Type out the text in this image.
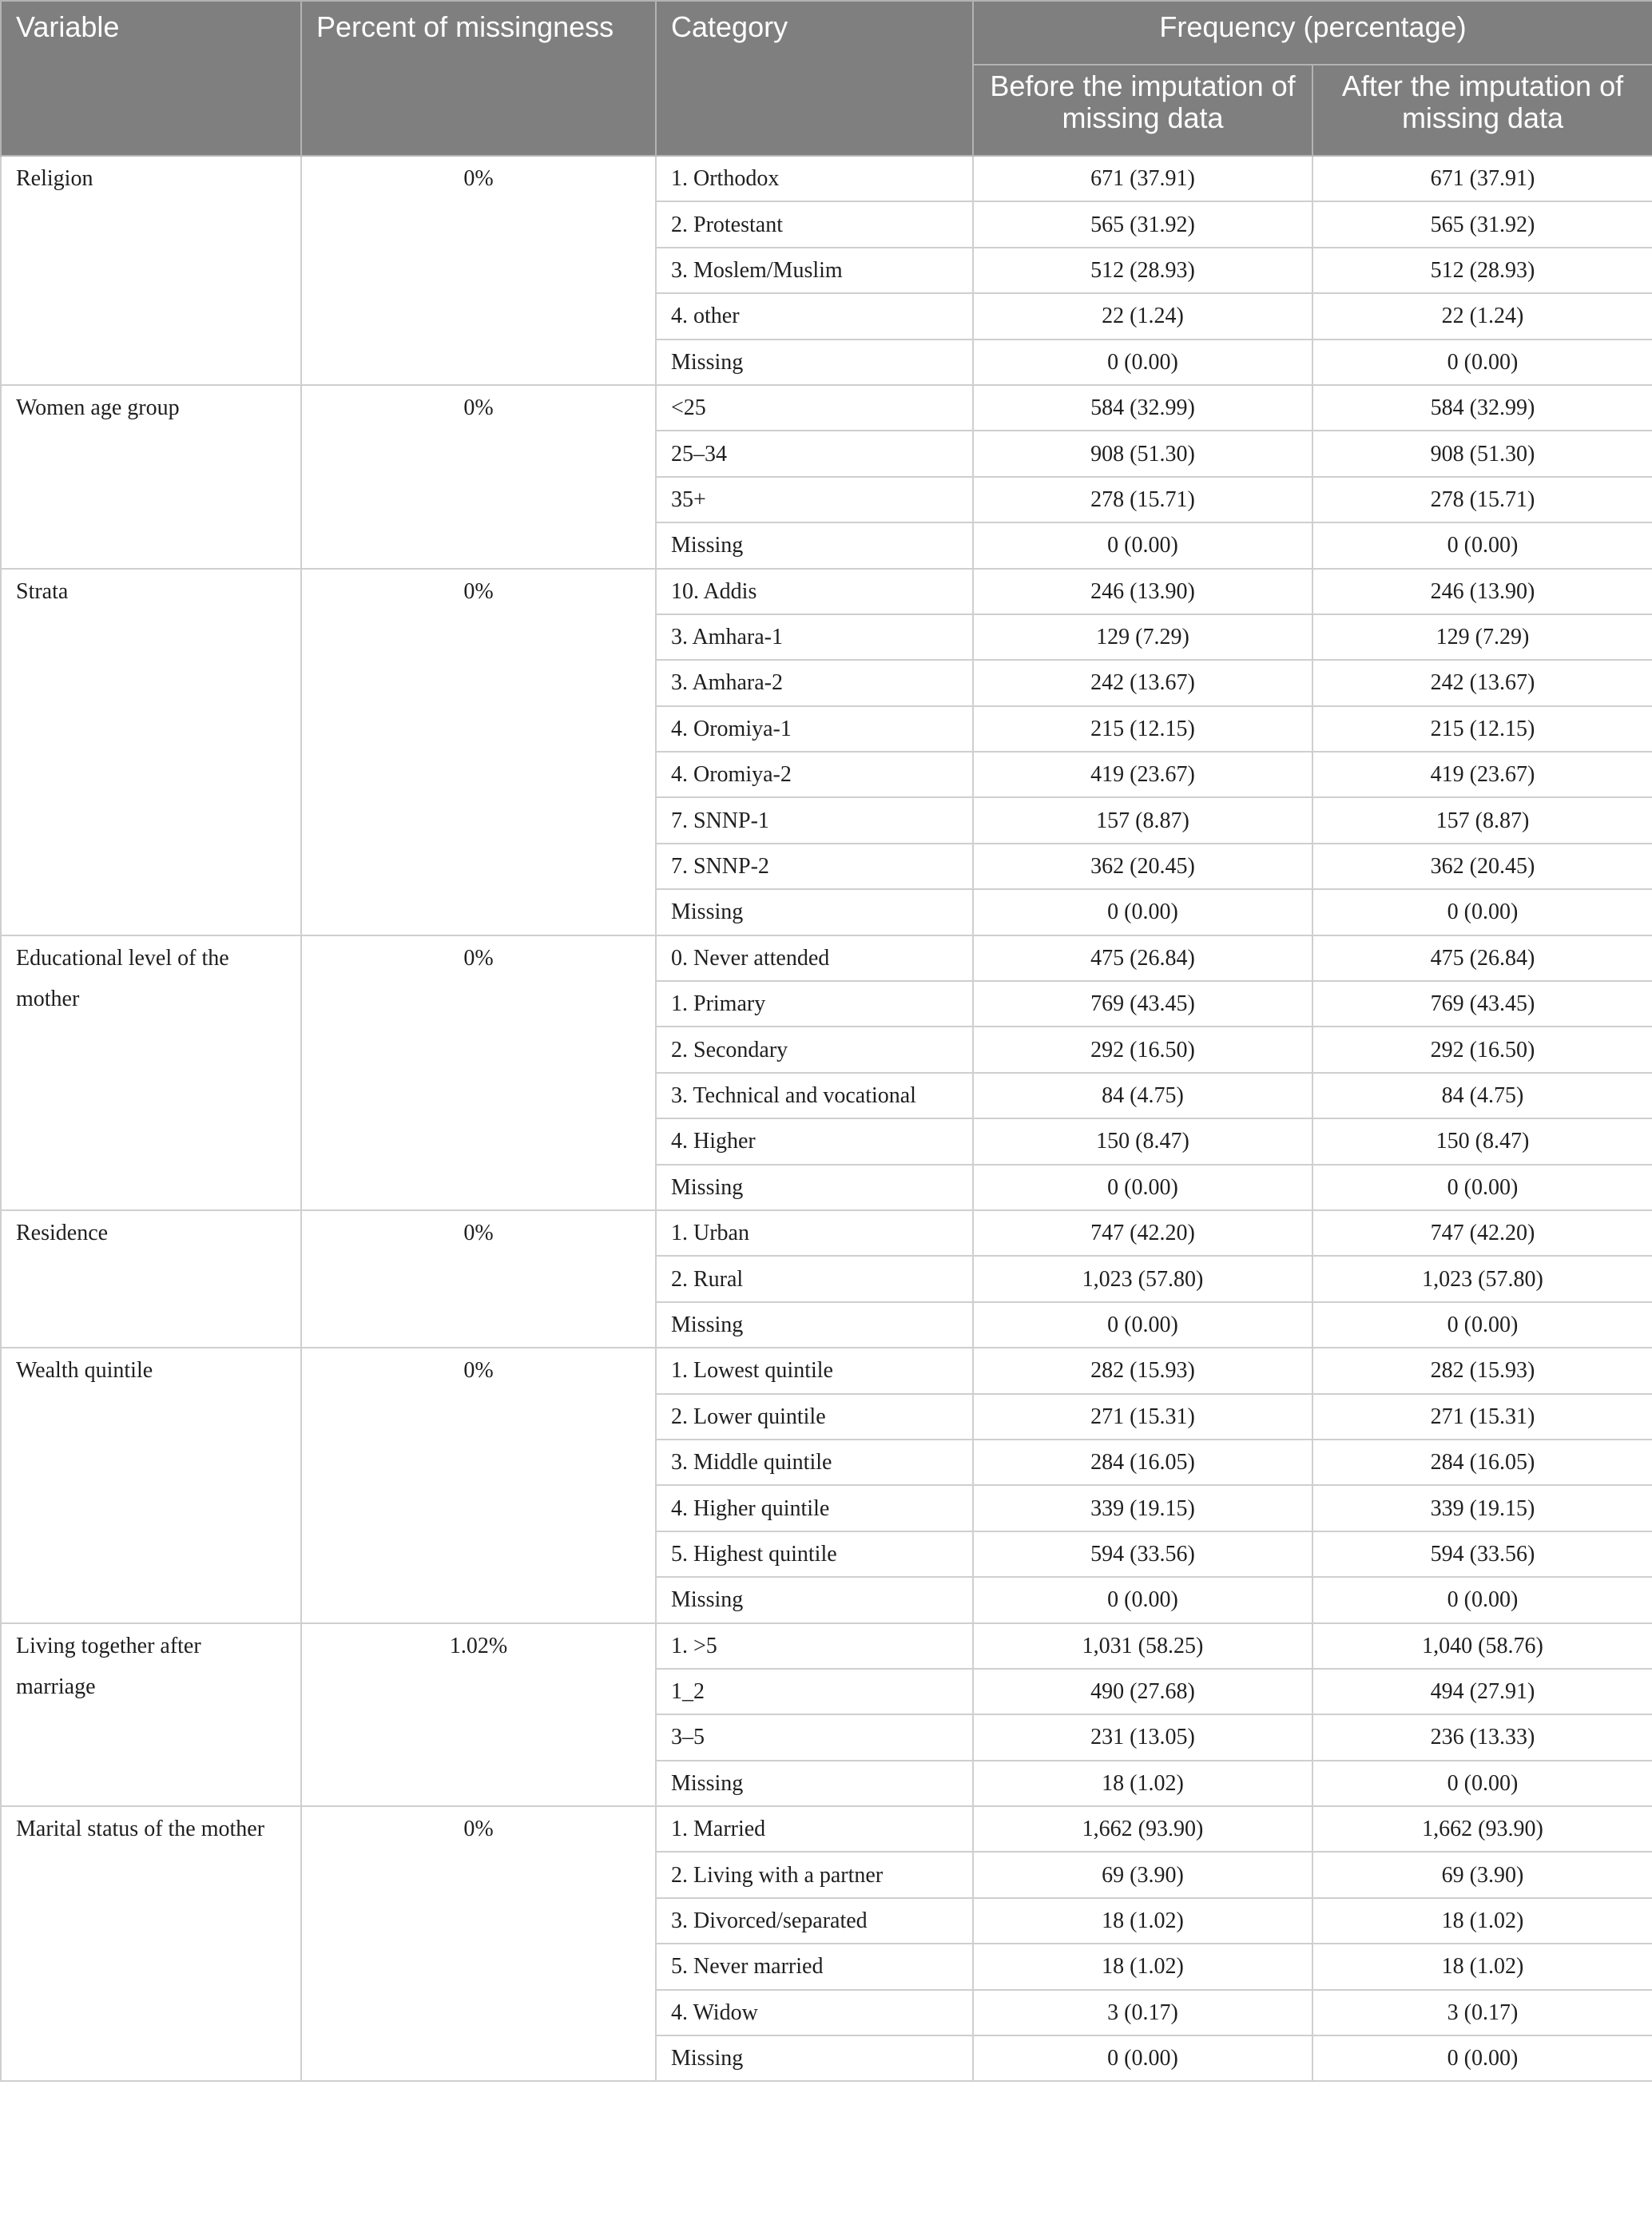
Variable	Percent of missingness	Category	Frequency (percentage)	
			Before the imputation of missing data	After the imputation of missing data
Religion	0%	1. Orthodox	671 (37.91)	671 (37.91)
		2. Protestant	565 (31.92)	565 (31.92)
		3. Moslem/Muslim	512 (28.93)	512 (28.93)
		4. other	22 (1.24)	22 (1.24)
		Missing	0 (0.00)	0 (0.00)
Women age group	0%	<25	584 (32.99)	584 (32.99)
		25–34	908 (51.30)	908 (51.30)
		35+	278 (15.71)	278 (15.71)
		Missing	0 (0.00)	0 (0.00)
Strata	0%	10. Addis	246 (13.90)	246 (13.90)
		3. Amhara-1	129 (7.29)	129 (7.29)
		3. Amhara-2	242 (13.67)	242 (13.67)
		4. Oromiya-1	215 (12.15)	215 (12.15)
		4. Oromiya-2	419 (23.67)	419 (23.67)
		7. SNNP-1	157 (8.87)	157 (8.87)
		7. SNNP-2	362 (20.45)	362 (20.45)
		Missing	0 (0.00)	0 (0.00)
Educational level of the mother	0%	0. Never attended	475 (26.84)	475 (26.84)
		1. Primary	769 (43.45)	769 (43.45)
		2. Secondary	292 (16.50)	292 (16.50)
		3. Technical and vocational	84 (4.75)	84 (4.75)
		4. Higher	150 (8.47)	150 (8.47)
		Missing	0 (0.00)	0 (0.00)
Residence	0%	1. Urban	747 (42.20)	747 (42.20)
		2. Rural	1,023 (57.80)	1,023 (57.80)
		Missing	0 (0.00)	0 (0.00)
Wealth quintile	0%	1. Lowest quintile	282 (15.93)	282 (15.93)
		2. Lower quintile	271 (15.31)	271 (15.31)
		3. Middle quintile	284 (16.05)	284 (16.05)
		4. Higher quintile	339 (19.15)	339 (19.15)
		5. Highest quintile	594 (33.56)	594 (33.56)
		Missing	0 (0.00)	0 (0.00)
Living together after marriage	1.02%	1. >5	1,031 (58.25)	1,040 (58.76)
		1_2	490 (27.68)	494 (27.91)
		3–5	231 (13.05)	236 (13.33)
		Missing	18 (1.02)	0 (0.00)
Marital status of the mother	0%	1. Married	1,662 (93.90)	1,662 (93.90)
		2. Living with a partner	69 (3.90)	69 (3.90)
		3. Divorced/separated	18 (1.02)	18 (1.02)
		5. Never married	18 (1.02)	18 (1.02)
		4. Widow	3 (0.17)	3 (0.17)
		Missing	0 (0.00)	0 (0.00)
